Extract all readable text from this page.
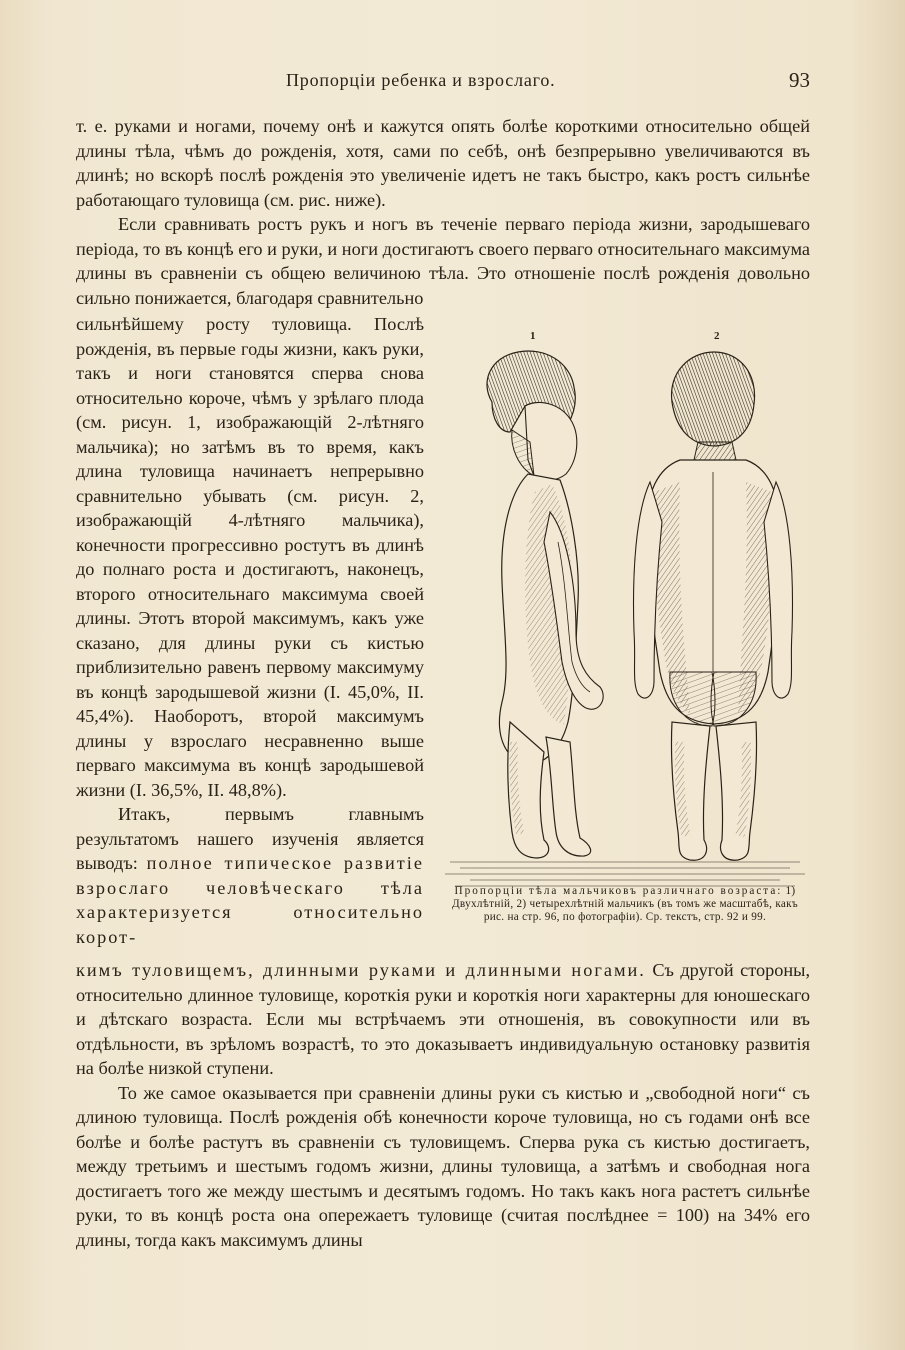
Пропорціи ребенка и взрослаго.	93

т. е. руками и ногами, почему онѣ и кажутся опять болѣе короткими относительно общей длины тѣла, чѣмъ до рожденія, хотя, сами по себѣ, онѣ безпрерывно увеличиваются въ длинѣ; но вскорѣ послѣ рожденія это увеличеніе идетъ не такъ быстро, какъ ростъ сильнѣе работающаго туловища (см. рис. ниже).

Если сравнивать ростъ рукъ и ногъ въ теченіе перваго періода жизни, зародышеваго періода, то въ концѣ его и руки, и ноги достигаютъ своего перваго относительнаго максимума длины въ сравненіи съ общею величиною тѣла. Это отношеніе послѣ рожденія довольно сильно понижается, благодаря сравнительно

сильнѣйшему росту туловища. Послѣ рожденія, въ первые годы жизни, какъ руки, такъ и ноги становятся сперва снова относительно короче, чѣмъ у зрѣлаго плода (см. рисун. 1, изображающій 2-лѣтняго мальчика); но затѣмъ въ то время, какъ длина туловища начинаетъ непрерывно сравнительно убывать (см. рисун. 2, изображающій 4-лѣтняго мальчика), конечности прогрессивно ростутъ въ длинѣ до полнаго роста и достигаютъ, наконецъ, второго относительнаго максимума своей длины. Этотъ второй максимумъ, какъ уже сказано, для длины руки съ кистью приблизительно равенъ первому максимуму въ концѣ зародышевой жизни (I. 45,0%, II. 45,4%). Наоборотъ, второй максимумъ длины у взрослаго несравненно выше перваго максимума въ концѣ зародышевой жизни (I. 36,5%, II. 48,8%).

Итакъ, первымъ главнымъ результатомъ нашего изученія является выводъ: полное типическое развитіе взрослаго человѣческаго тѣла характеризуется относительно корот-

1	2
Пропорціи тѣла мальчиковъ различнаго возраста: 1) Двухлѣтній, 2) четырехлѣтній мальчикъ (въ томъ же масштабѣ, какъ рис. на стр. 96, по фотографіи). Ср. текстъ, стр. 92 и 99.

кимъ туловищемъ, длинными руками и длинными ногами. Съ другой стороны, относительно длинное туловище, короткія руки и короткія ноги характерны для юношескаго и дѣтскаго возраста. Если мы встрѣчаемъ эти отношенія, въ совокупности или въ отдѣльности, въ зрѣломъ возрастѣ, то это доказываетъ индивидуальную остановку развитія на болѣе низкой ступени.

То же самое оказывается при сравненіи длины руки съ кистью и „свободной ноги“ съ длиною туловища. Послѣ рожденія обѣ конечности короче туловища, но съ годами онѣ все болѣе и болѣе растутъ въ сравненіи съ туловищемъ. Сперва рука съ кистью достигаетъ, между третьимъ и шестымъ годомъ жизни, длины туловища, а затѣмъ и свободная нога достигаетъ того же между шестымъ и десятымъ годомъ. Но такъ какъ нога растетъ сильнѣе руки, то въ концѣ роста она опережаетъ туловище (считая послѣднее = 100) на 34% его длины, тогда какъ максимумъ длины
